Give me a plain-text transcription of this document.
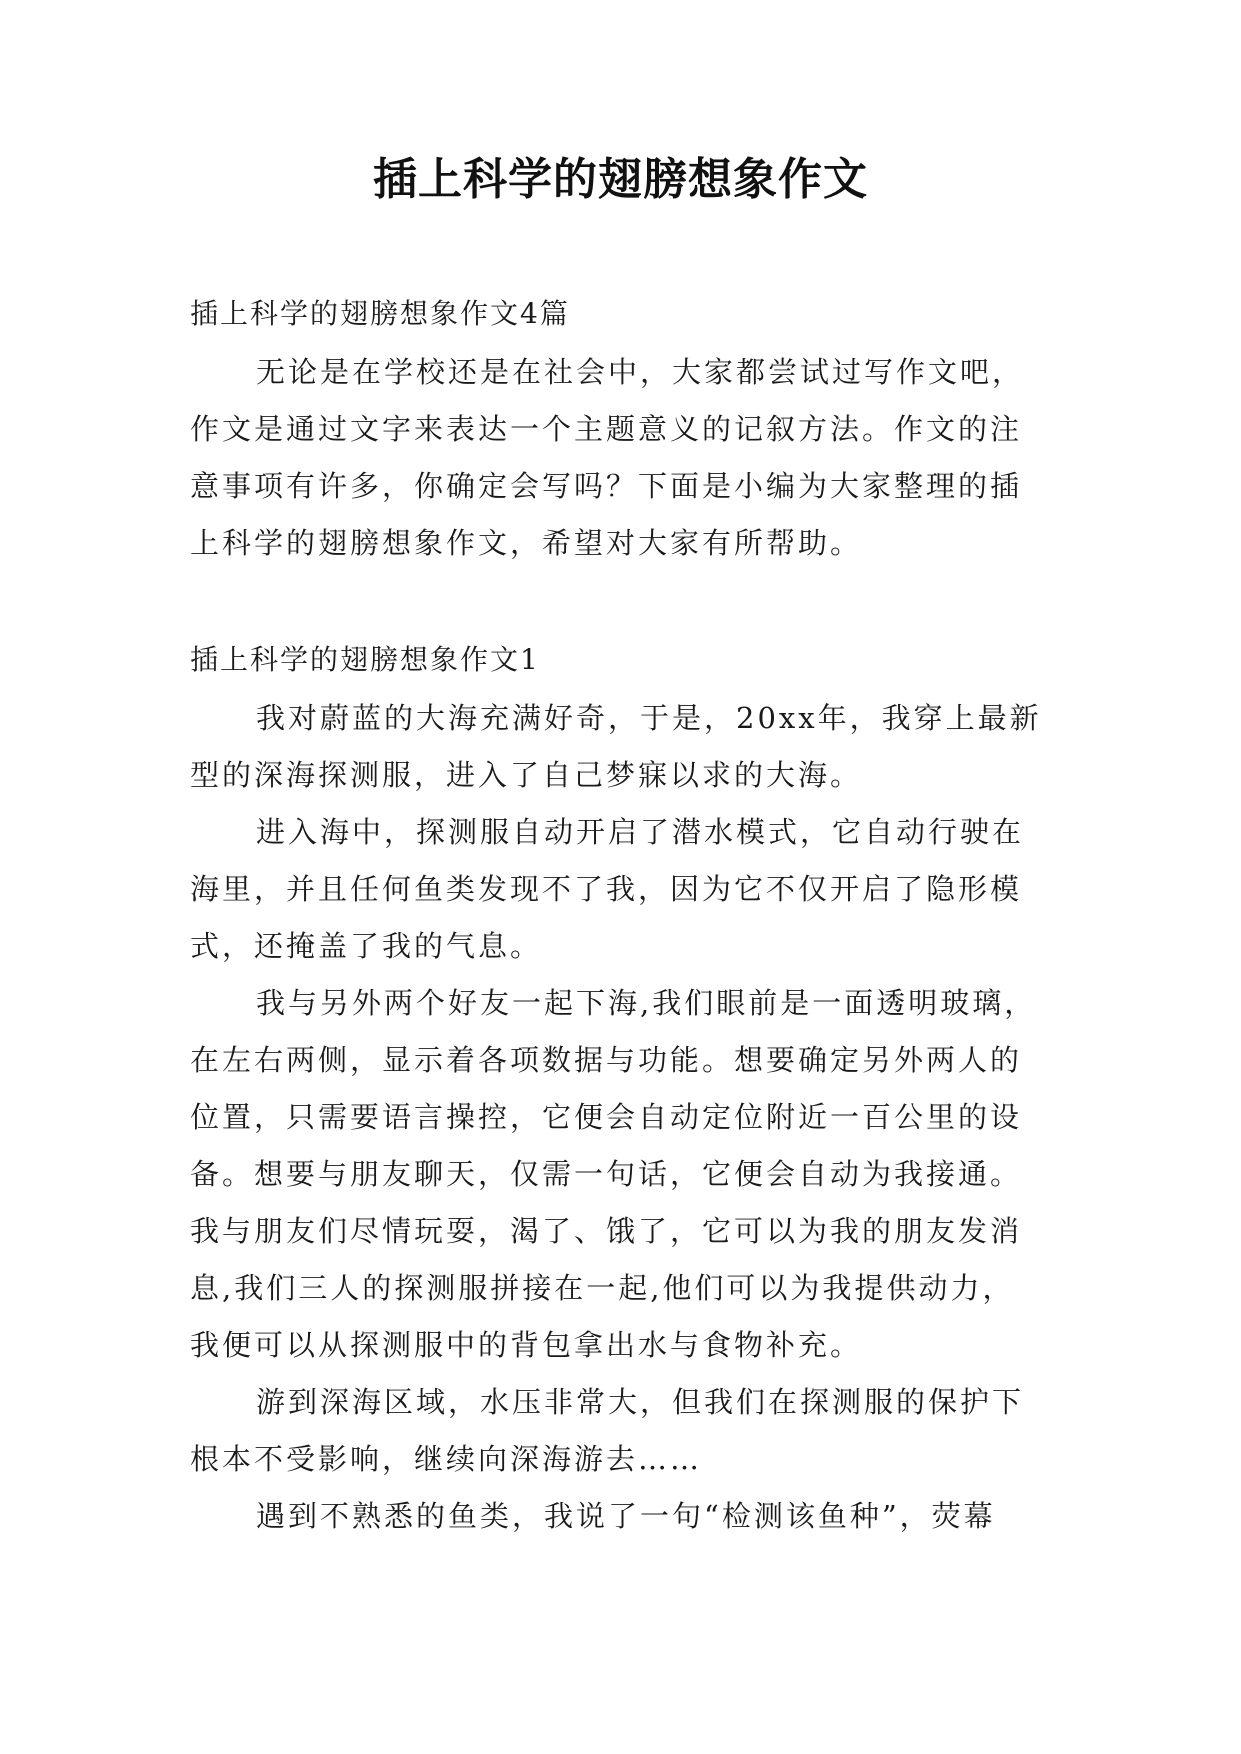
插上科学的翅膀想象作文

插上科学的翅膀想象作文4篇

无论是在学校还是在社会中，大家都尝试过写作文吧，
作文是通过文字来表达一个主题意义的记叙方法。作文的注
意事项有许多，你确定会写吗？下面是小编为大家整理的插
上科学的翅膀想象作文，希望对大家有所帮助。

插上科学的翅膀想象作文1

我对蔚蓝的大海充满好奇，于是，20xx年，我穿上最新
型的深海探测服，进入了自己梦寐以求的大海。

进入海中，探测服自动开启了潜水模式，它自动行驶在
海里，并且任何鱼类发现不了我，因为它不仅开启了隐形模
式，还掩盖了我的气息。

我与另外两个好友一起下海,我们眼前是一面透明玻璃，
在左右两侧，显示着各项数据与功能。想要确定另外两人的
位置，只需要语言操控，它便会自动定位附近一百公里的设
备。想要与朋友聊天，仅需一句话，它便会自动为我接通。
我与朋友们尽情玩耍，渴了、饿了，它可以为我的朋友发消
息,我们三人的探测服拼接在一起,他们可以为我提供动力，
我便可以从探测服中的背包拿出水与食物补充。

游到深海区域，水压非常大，但我们在探测服的保护下
根本不受影响，继续向深海游去……

遇到不熟悉的鱼类，我说了一句“检测该鱼种”，荧幕
